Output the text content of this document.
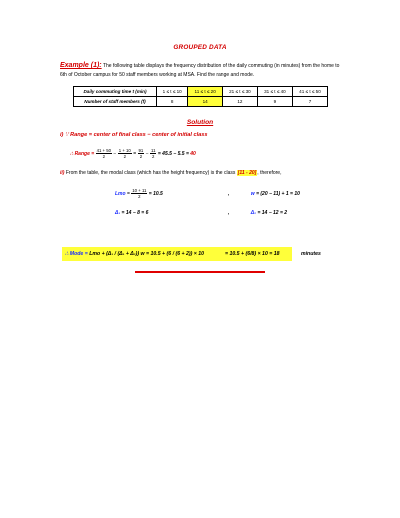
GROUPED DATA
Example (1): The following table displays the frequency distribution of the daily commuting (in minutes) from the home to 6th of October campus for 50 staff members working at MSA. Find the range and mode.
Daily commuting time t (min)	1 ≤ t ≤ 10	11 ≤ t ≤ 20	21 ≤ t ≤ 30	31 ≤ t ≤ 40	41 ≤ t ≤ 50
Number of staff members (f)	8	14	12	9	7
Solution
i) ∵ Range = center of final class − center of initial class
∴ Range = $\frac{41 + 50}{2} - \frac{1 + 10}{2} = \frac{91}{2} - \frac{11}{2} = 45.5 - 5.5 = 40$
ii) From the table, the modal class (which has the height frequency) is the class [11 - 20], therefore,
Lmo = $\frac{10 + 11}{2} = 10.5$	,	w = (20 − 11) + 1 = 10
Δ₁ = 14 − 8 = 6	,	Δ₂ = 14 − 12 = 2
∴ Mode = Lmo + (Δ₁ / (Δ₁ + Δ₂)) w = 10.5 + (6 / (6 + 2)) × 10	= 10.5 + (6/8) × 10 = 18	minutes
